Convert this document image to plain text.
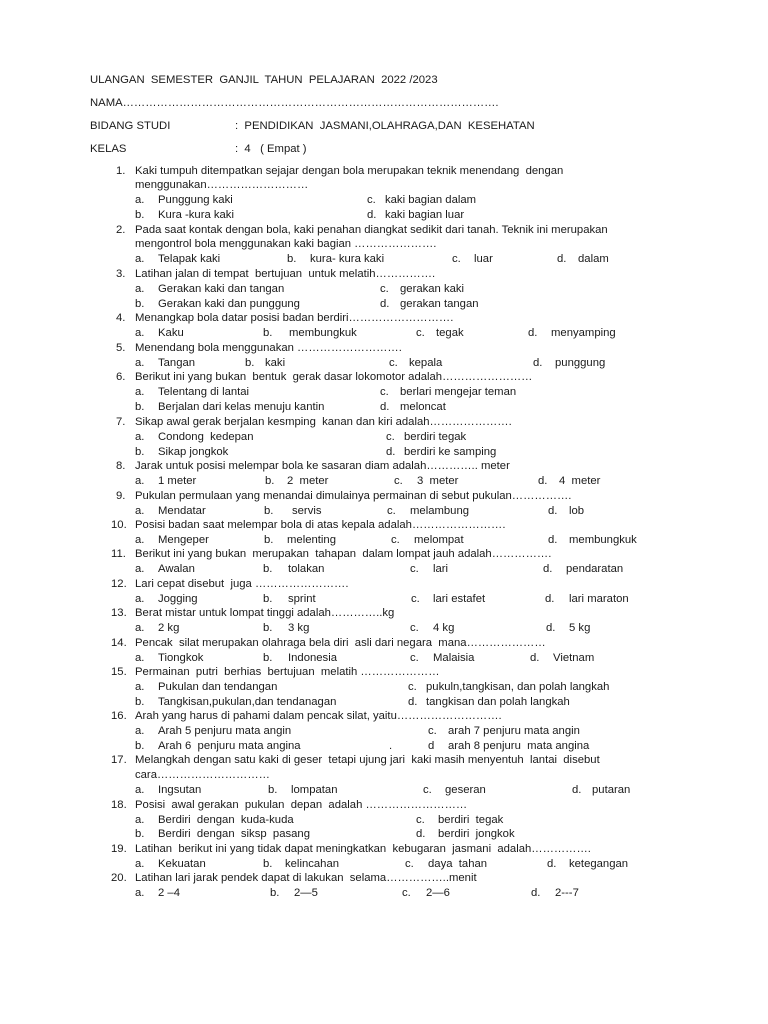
ULANGAN  SEMESTER  GANJIL  TAHUN  PELAJARAN  2022 /2023
NAMA……………………………………………………………………………………….
BIDANG STUDI	:  PENDIDIKAN  JASMANI,OLAHRAGA,DAN  KESEHATAN
KELAS	:  4   ( Empat )
1. Kaki tumpuh ditempatkan sejajar dengan bola merupakan teknik menendang  dengan
menggunakan………………………
a. Punggung kaki	c. kaki bagian dalam
b. Kura -kura kaki	d. kaki bagian luar
2. Pada saat kontak dengan bola, kaki penahan diangkat sedikit dari tanah. Teknik ini merupakan
mengontrol bola menggunakan kaki bagian ………………….
a. Telapak kaki	b. kura- kura kaki	c. luar	d. dalam
3. Latihan jalan di tempat  bertujuan  untuk melatih…………….
a. Gerakan kaki dan tangan	c. gerakan kaki
b. Gerakan kaki dan punggung	d. gerakan tangan
4. Menangkap bola datar posisi badan berdiri……………………….
a. Kaku	b. membungkuk	c. tegak	d. menyamping
5. Menendang bola menggunakan ……………………….
a. Tangan	b. kaki	c. kepala	d. punggung
6. Berikut ini yang bukan  bentuk  gerak dasar lokomotor adalah……………………
a. Telentang di lantai	c. berlari mengejar teman
b. Berjalan dari kelas menuju kantin	d. meloncat
7. Sikap awal gerak berjalan kesmping  kanan dan kiri adalah………………….
a. Condong  kedepan	c. berdiri tegak
b. Sikap jongkok	d. berdiri ke samping
8. Jarak untuk posisi melempar bola ke sasaran diam adalah………….. meter
a. 1 meter	b. 2  meter	c. 3  meter	d. 4  meter
9. Pukulan permulaan yang menandai dimulainya permainan di sebut pukulan…………….
a. Mendatar	b. servis	c. melambung	d. lob
10. Posisi badan saat melempar bola di atas kepala adalah…………………….
a. Mengeper	b. melenting	c. melompat	d. membungkuk
11. Berikut ini yang bukan  merupakan  tahapan  dalam lompat jauh adalah…………….
a. Awalan	b. tolakan	c. lari	d. pendaratan
12. Lari cepat disebut  juga …………………….
a. Jogging	b. sprint	c. lari estafet	d. lari maraton
13. Berat mistar untuk lompat tinggi adalah…………..kg
a. 2 kg	b. 3 kg	c. 4 kg	d. 5 kg
14. Pencak  silat merupakan olahraga bela diri  asli dari negara  mana…………………
a. Tiongkok	b. Indonesia	c. Malaisia	d. Vietnam
15. Permainan  putri  berhias  bertujuan  melatih …………………
a. Pukulan dan tendangan	c. pukuln,tangkisan, dan polah langkah
b. Tangkisan,pukulan,dan tendanagan	d. tangkisan dan polah langkah
16. Arah yang harus di pahami dalam pencak silat, yaitu……………………….
a. Arah 5 penjuru mata angin	c. arah 7 penjuru mata angin
b. Arah 6  penjuru mata angina	.	d arah 8 penjuru  mata angina
17. Melangkah dengan satu kaki di geser  tetapi ujung jari  kaki masih menyentuh  lantai  disebut
cara…………………………
a. Ingsutan	b. lompatan	c. geseran	d. putaran
18. Posisi  awal gerakan  pukulan  depan  adalah ………………………
a. Berdiri  dengan  kuda-kuda	c. berdiri  tegak
b. Berdiri  dengan  siksp  pasang	d. berdiri  jongkok
19. Latihan  berikut ini yang tidak dapat meningkatkan  kebugaran  jasmani  adalah…………….
a. Kekuatan	b. kelincahan	c. daya  tahan	d. ketegangan
20. Latihan lari jarak pendek dapat di lakukan  selama……………..menit
a. 2 –4	b. 2—5	c. 2—6	d. 2---7
